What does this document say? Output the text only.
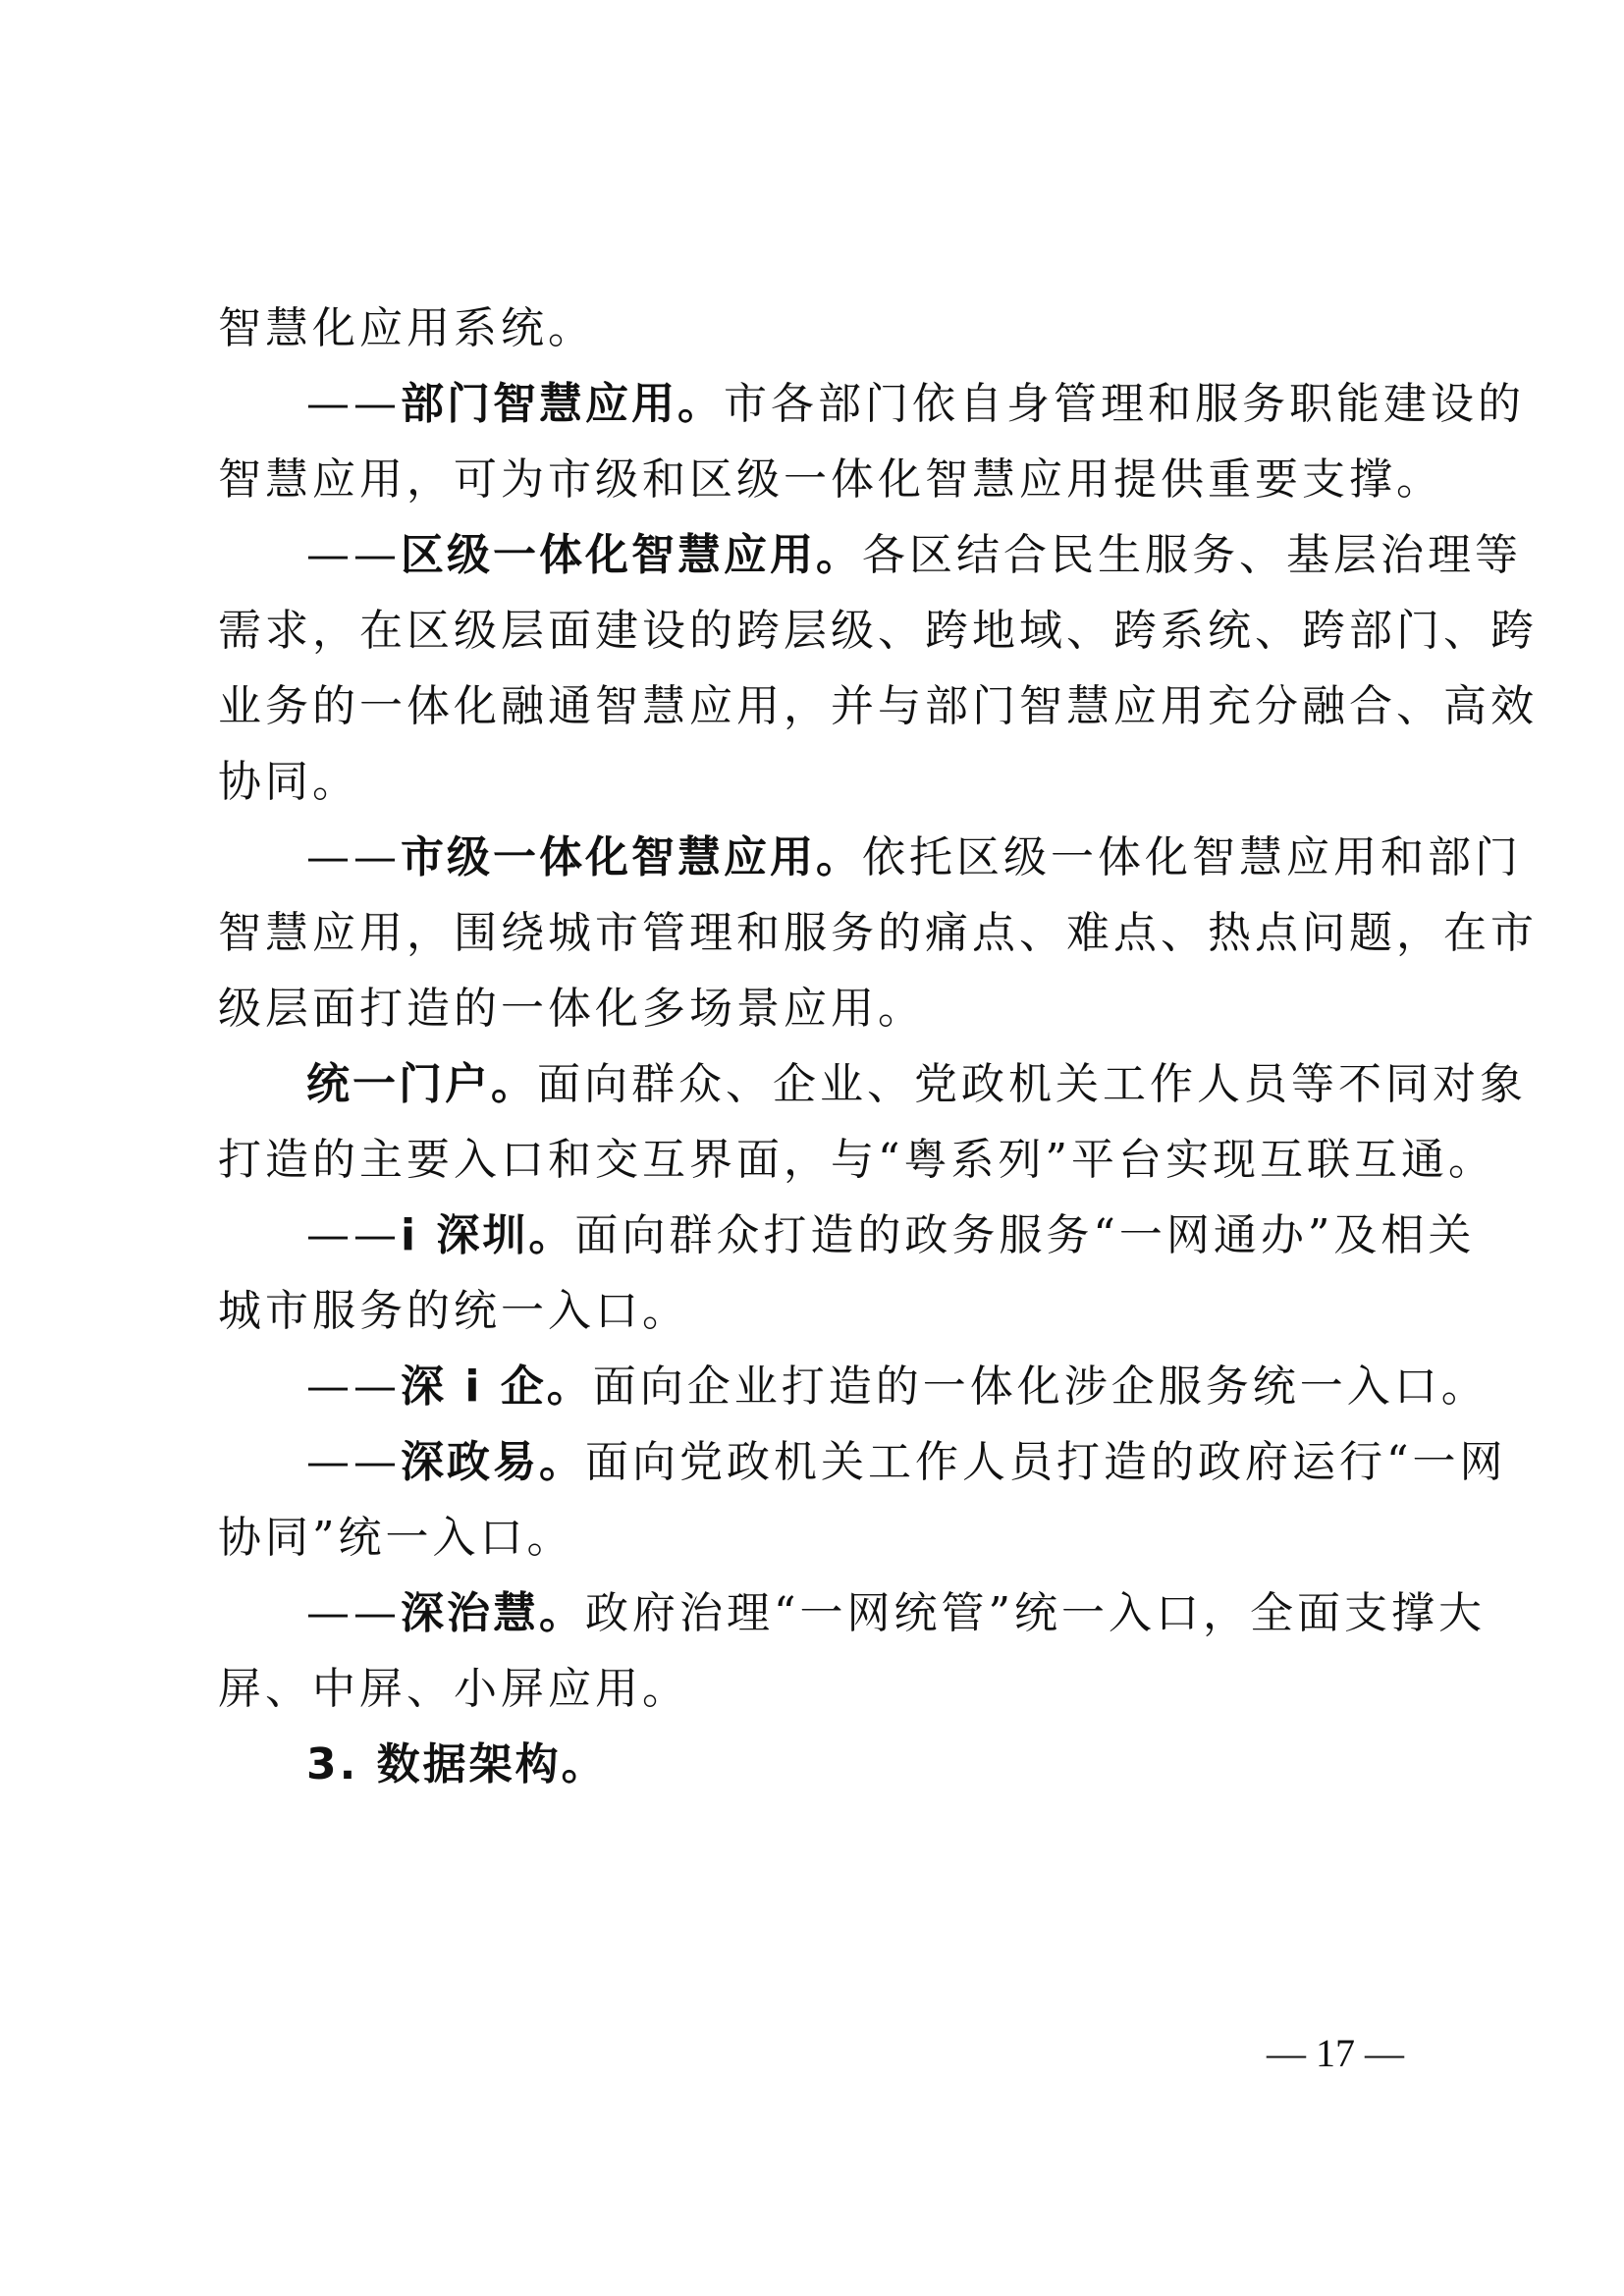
智慧化应用系统。
——部门智慧应用。市各部门依自身管理和服务职能建设的
智慧应用，可为市级和区级一体化智慧应用提供重要支撑。
——区级一体化智慧应用。各区结合民生服务、基层治理等
需求，在区级层面建设的跨层级、跨地域、跨系统、跨部门、跨
业务的一体化融通智慧应用，并与部门智慧应用充分融合、高效
协同。
——市级一体化智慧应用。依托区级一体化智慧应用和部门
智慧应用，围绕城市管理和服务的痛点、难点、热点问题，在市
级层面打造的一体化多场景应用。
统一门户。面向群众、企业、党政机关工作人员等不同对象
打造的主要入口和交互界面，与“粤系列”平台实现互联互通。
——i 深圳。面向群众打造的政务服务“一网通办”及相关
城市服务的统一入口。
——深 i 企。面向企业打造的一体化涉企服务统一入口。
——深政易。面向党政机关工作人员打造的政府运行“一网
协同”统一入口。
——深治慧。政府治理“一网统管”统一入口，全面支撑大
屏、中屏、小屏应用。
3. 数据架构。
— 17 —
